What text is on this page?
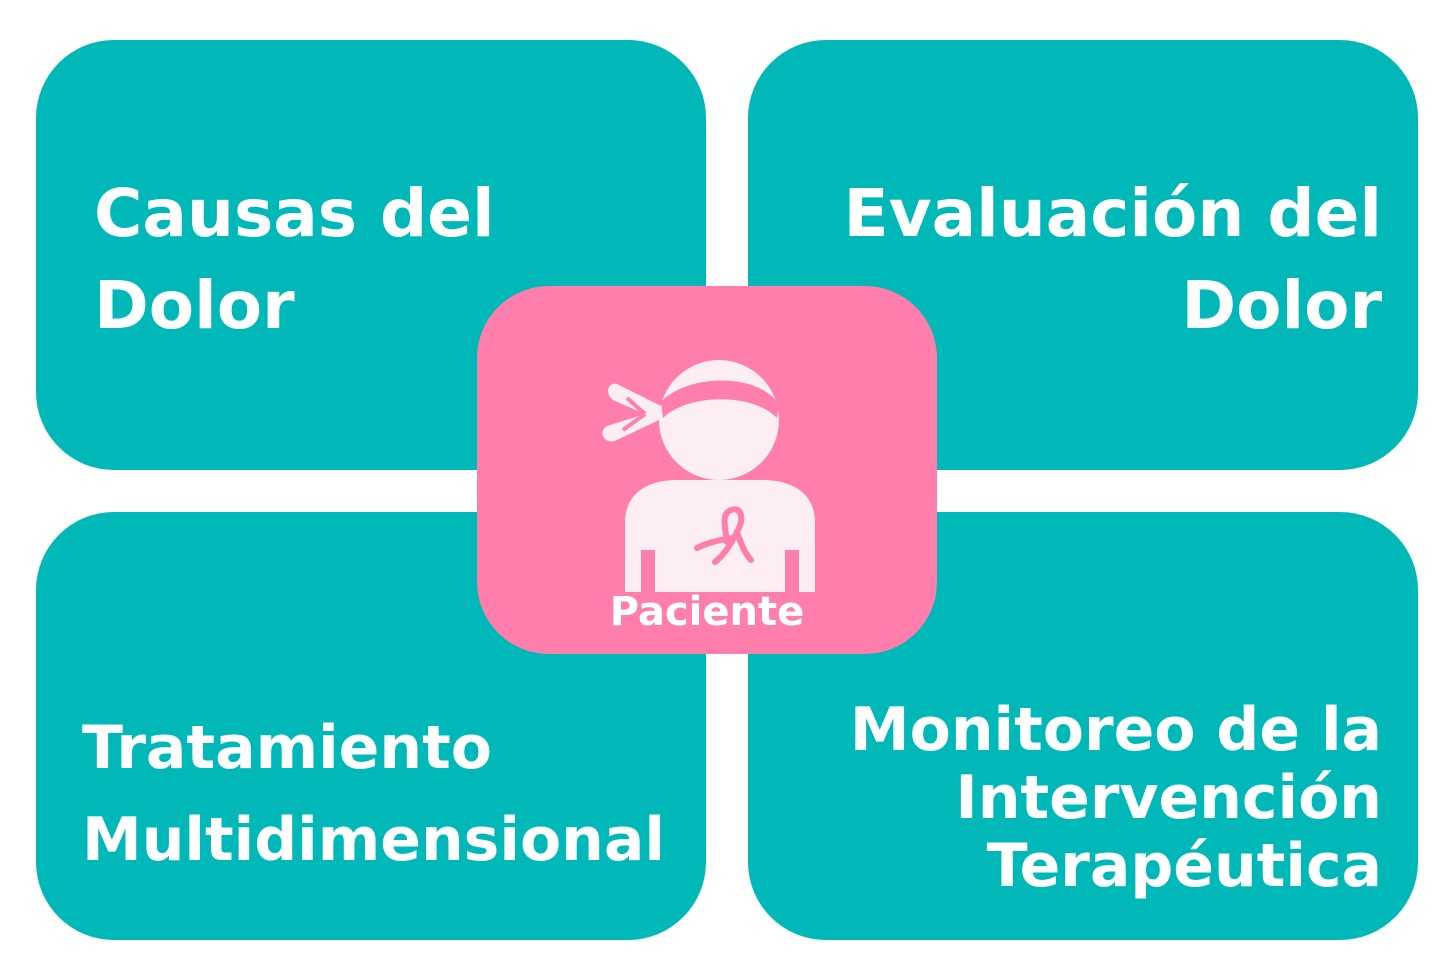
Causas del
Dolor
Evaluación del
Dolor
Tratamiento
Multidimensional
Monitoreo de la
Intervención
Terapéutica
Paciente
